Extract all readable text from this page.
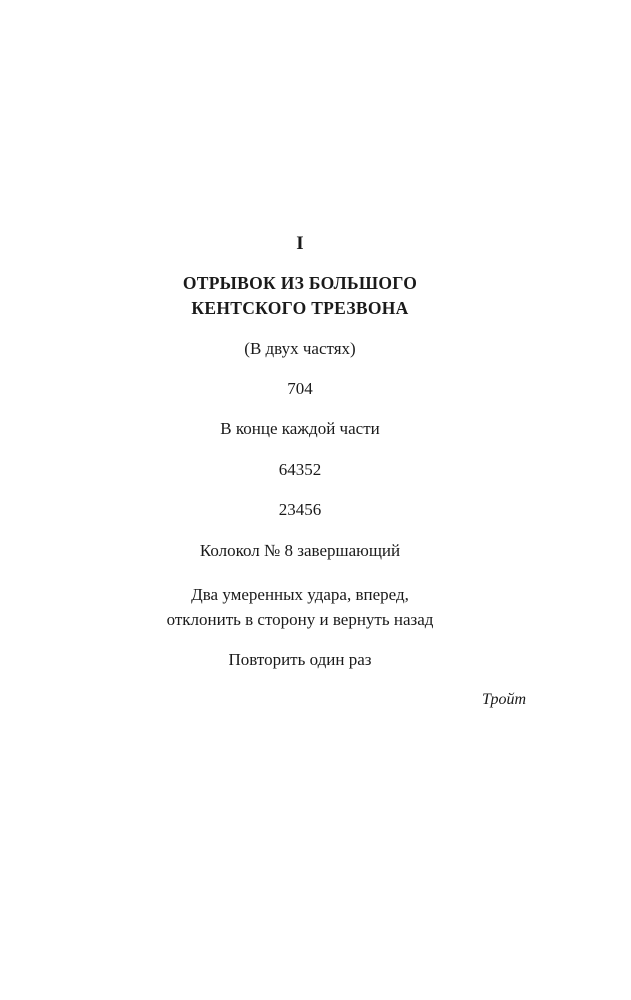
I
ОТРЫВОК ИЗ БОЛЬШОГО
КЕНТСКОГО ТРЕЗВОНА
(В двух частях)
704
В конце каждой части
64352
23456
Колокол № 8 завершающий
Два умеренных удара, вперед,
отклонить в сторону и вернуть назад
Повторить один раз
Тройт
